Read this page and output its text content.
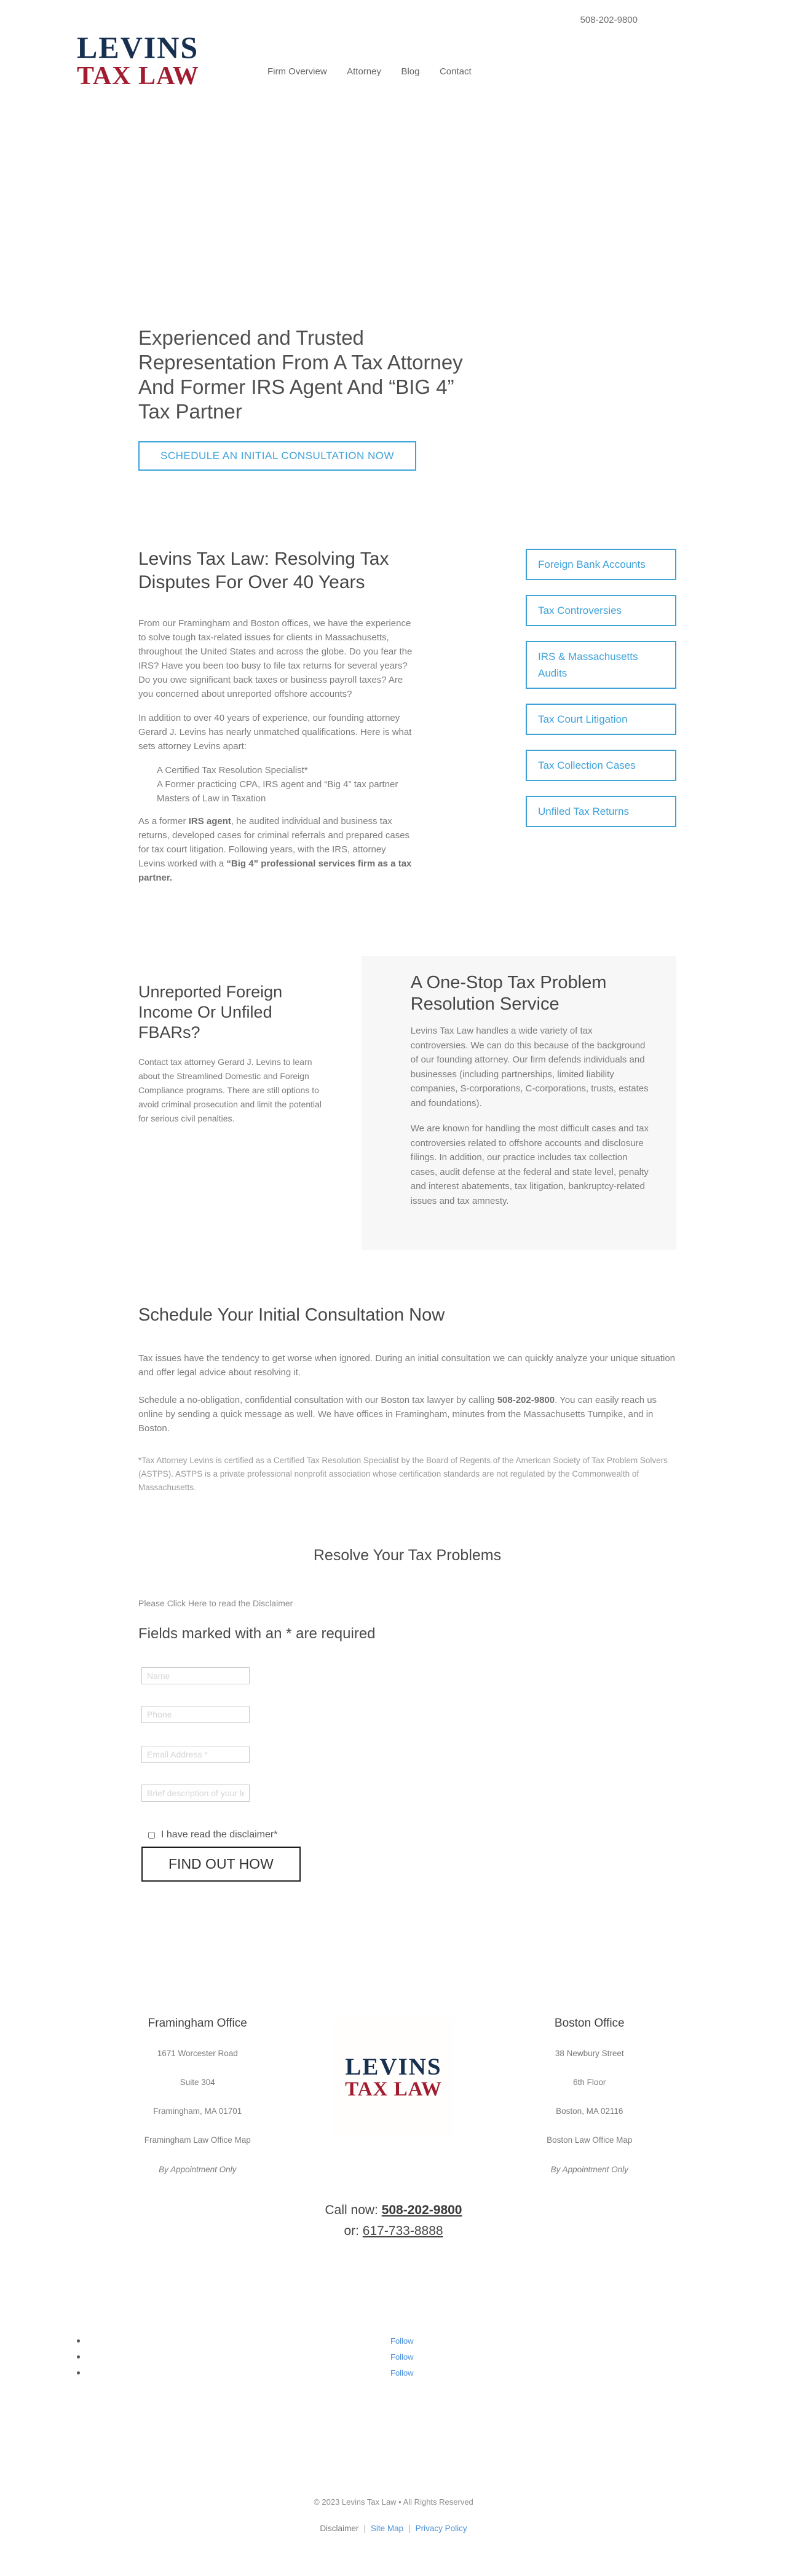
LEVINS
TAX LAW	Firm Overview Attorney Blog Contact
508-202-9800
Experienced and Trusted Representation From A Tax Attorney And Former IRS Agent And “BIG 4” Tax Partner
SCHEDULE AN INITIAL CONSULTATION NOW
Levins Tax Law: Resolving Tax Disputes For Over 40 Years

From our Framingham and Boston offices, we have the experience to solve tough tax-related issues for clients in Massachusetts, throughout the United States and across the globe. Do you fear the IRS? Have you been too busy to file tax returns for several years? Do you owe significant back taxes or business payroll taxes? Are you concerned about unreported offshore accounts?

In addition to over 40 years of experience, our founding attorney Gerard J. Levins has nearly unmatched qualifications. Here is what sets attorney Levins apart:

A Certified Tax Resolution Specialist*
A Former practicing CPA, IRS agent and “Big 4” tax partner
Masters of Law in Taxation

As a former IRS agent, he audited individual and business tax returns, developed cases for criminal referrals and prepared cases for tax court litigation. Following years, with the IRS, attorney Levins worked with a “Big 4” professional services firm as a tax partner.

Foreign Bank Accounts
Tax Controversies
IRS & Massachusetts Audits
Tax Court Litigation
Tax Collection Cases
Unfiled Tax Returns
Unreported Foreign Income Or Unfiled FBARs?

Contact tax attorney Gerard J. Levins to learn about the Streamlined Domestic and Foreign Compliance programs. There are still options to avoid criminal prosecution and limit the potential for serious civil penalties.

A One-Stop Tax Problem Resolution Service

Levins Tax Law handles a wide variety of tax controversies. We can do this because of the background of our founding attorney. Our firm defends individuals and businesses (including partnerships, limited liability companies, S-corporations, C-corporations, trusts, estates and foundations).

We are known for handling the most difficult cases and tax controversies related to offshore accounts and disclosure filings. In addition, our practice includes tax collection cases, audit defense at the federal and state level, penalty and interest abatements, tax litigation, bankruptcy-related issues and tax amnesty.

Schedule Your Initial Consultation Now

Tax issues have the tendency to get worse when ignored. During an initial consultation we can quickly analyze your unique situation and offer legal advice about resolving it.

Schedule a no-obligation, confidential consultation with our Boston tax lawyer by calling 508-202-9800. You can easily reach us online by sending a quick message as well. We have offices in Framingham, minutes from the Massachusetts Turnpike, and in Boston.

*Tax Attorney Levins is certified as a Certified Tax Resolution Specialist by the Board of Regents of the American Society of Tax Problem Solvers (ASTPS). ASTPS is a private professional nonprofit association whose certification standards are not regulated by the Commonwealth of Massachusetts.

Resolve Your Tax Problems
Please Click Here to read the Disclaimer
Fields marked with an * are required
Name
Phone
Email Address *
Brief description of your legal issue *
I have read the disclaimer*
FIND OUT HOW
Framingham Office
1671 Worcester Road
Suite 304
Framingham, MA 01701
Framingham Law Office Map
By Appointment Only
LEVINS
TAX LAW
Boston Office
38 Newbury Street
6th Floor
Boston, MA 02116
Boston Law Office Map
By Appointment Only
Call now: 508-202-9800
or: 617-733-8888
Follow
Follow
Follow
© 2023 Levins Tax Law • All Rights Reserved
Disclaimer | Site Map | Privacy Policy
